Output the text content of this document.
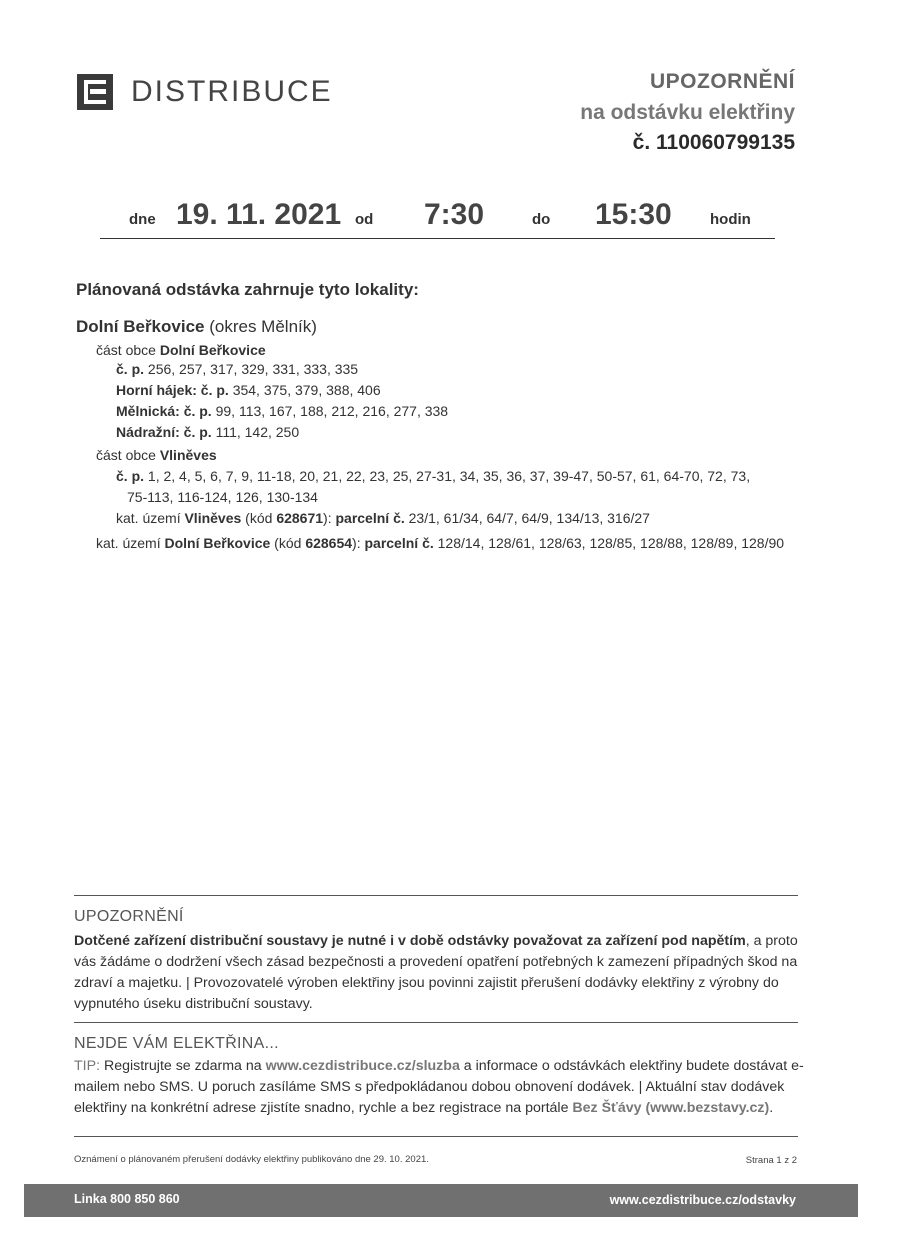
DISTRIBUCE	UPOZORNĚNÍ
na odstávku elektřiny
č. 110060799135
dne 19. 11. 2021 od 7:30	do 15:30	hodin
Plánovaná odstávka zahrnuje tyto lokality:
Dolní Beřkovice (okres Mělník)
část obce Dolní Beřkovice
č. p. 256, 257, 317, 329, 331, 333, 335
Horní hájek: č. p. 354, 375, 379, 388, 406
Mělnická: č. p. 99, 113, 167, 188, 212, 216, 277, 338
Nádražní: č. p. 111, 142, 250
část obce Vliněves
č. p. 1, 2, 4, 5, 6, 7, 9, 11-18, 20, 21, 22, 23, 25, 27-31, 34, 35, 36, 37, 39-47, 50-57, 61, 64-70, 72, 73,
75-113, 116-124, 126, 130-134
kat. území Vliněves (kód 628671): parcelní č. 23/1, 61/34, 64/7, 64/9, 134/13, 316/27
kat. území Dolní Beřkovice (kód 628654): parcelní č. 128/14, 128/61, 128/63, 128/85, 128/88, 128/89, 128/90
UPOZORNĚNÍ
Dotčené zařízení distribuční soustavy je nutné i v době odstávky považovat za zařízení pod napětím, a proto vás žádáme o dodržení všech zásad bezpečnosti a provedení opatření potřebných k zamezení případných škod na zdraví a majetku. | Provozovatelé výroben elektřiny jsou povinni zajistit přerušení dodávky elektřiny z výrobny do vypnutého úseku distribuční soustavy.
NEJDE VÁM ELEKTŘINA...
TIP: Registrujte se zdarma na www.cezdistribuce.cz/sluzba a informace o odstávkách elektřiny budete dostávat e-mailem nebo SMS. U poruch zasíláme SMS s předpokládanou dobou obnovení dodávek. | Aktuální stav dodávek elektřiny na konkrétní adrese zjistíte snadno, rychle a bez registrace na portále Bez Šťávy (www.bezstavy.cz).
Oznámení o plánovaném přerušení dodávky elektřiny publikováno dne 29. 10. 2021.	Strana 1 z 2
Linka 800 850 860	www.cezdistribuce.cz/odstavky
